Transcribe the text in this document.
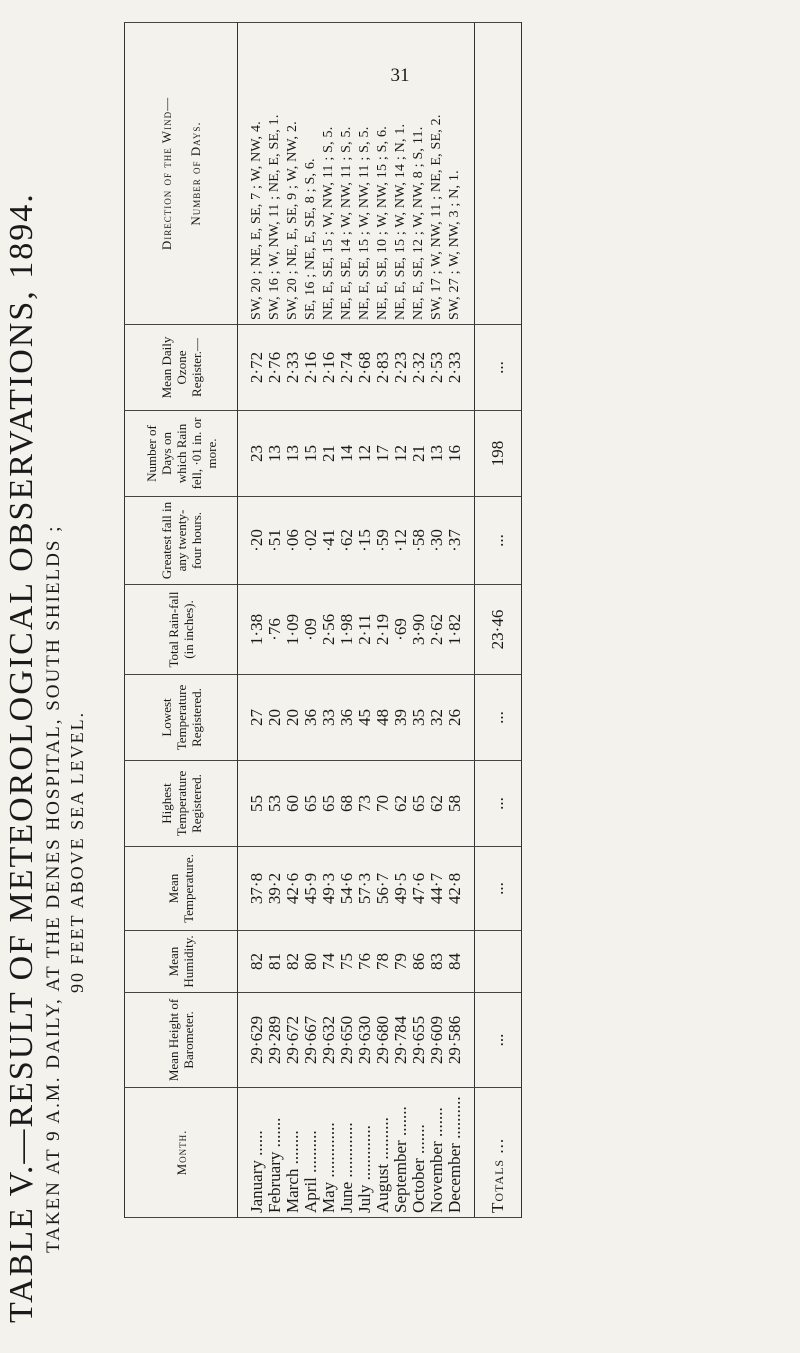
31
TABLE V.—RESULT OF METEOROLOGICAL OBSERVATIONS, 1894. TAKEN AT 9 A.M. DAILY, AT THE DENES HOSPITAL, SOUTH SHIELDS ; 90 FEET ABOVE SEA LEVEL.
Month.	Mean Height of Barometer.	Mean Humidity.	Mean Temperature.	Highest Temperature Registered.	Lowest Temperature Registered.	Total Rain-fall (in inches).	Greatest fall in any twenty-four hours.	Number of Days on which Rain fell, ·01 in. or more.	Mean Daily Ozone Register.—	Direction of the Wind— Number of Days.

January ......	29·629	82	37·8	55	27	1·38	·20	23	2·72	SW, 20 ; NE, E, SE, 7 ; W, NW, 4.
February .......	29·289	81	39·2	53	20	·76	·51	13	2·76	SW, 16 ; W, NW, 11 ; NE, E, SE, 1.
March ........	29·672	82	42·6	60	20	1·09	·06	13	2·33	SW, 20 ; NE, E, SE, 9 ; W, NW, 2.
April ..........	29·667	80	45·9	65	36	·09	·02	15	2·16	SE, 16 ; NE, E, SE, 8 ; S, 6.
May .............	29·632	74	49·3	65	33	2·56	·41	21	2·16	NE, E, SE, 15 ; W, NW, 11 ; S, 5.
June .............	29·650	75	54·6	68	36	1·98	·62	14	2·74	NE, E, SE, 14 ; W, NW, 11 ; S, 5.
July .............	29·630	76	57·3	73	45	2·11	·15	12	2·68	NE, E, SE, 15 ; W, NW, 11 ; S, 5.
August ..........	29·680	78	56·7	70	48	2·19	·59	17	2·83	NE, E, SE, 10 ; W, NW, 15 ; S, 6.
September .......	29·784	79	49·5	62	39	·69	·12	12	2·23	NE, E, SE, 15 ; W, NW, 14 ; N, 1.
October .......	29·655	86	47·6	65	35	3·90	·58	21	2·32	NE, E, SE, 12 ; W, NW, 8 ; S, 11.
November .......	29·609	83	44·7	62	32	2·62	·30	13	2·53	SW, 17 ; W, NW, 11 ; NE, E, SE, 2.
December ..........	29·586	84	42·8	58	26	1·82	·37	16	2·33	SW, 27 ; W, NW, 3 ; N, 1.
Totals ...	...		...	...	...	23·46	...	198	...	
